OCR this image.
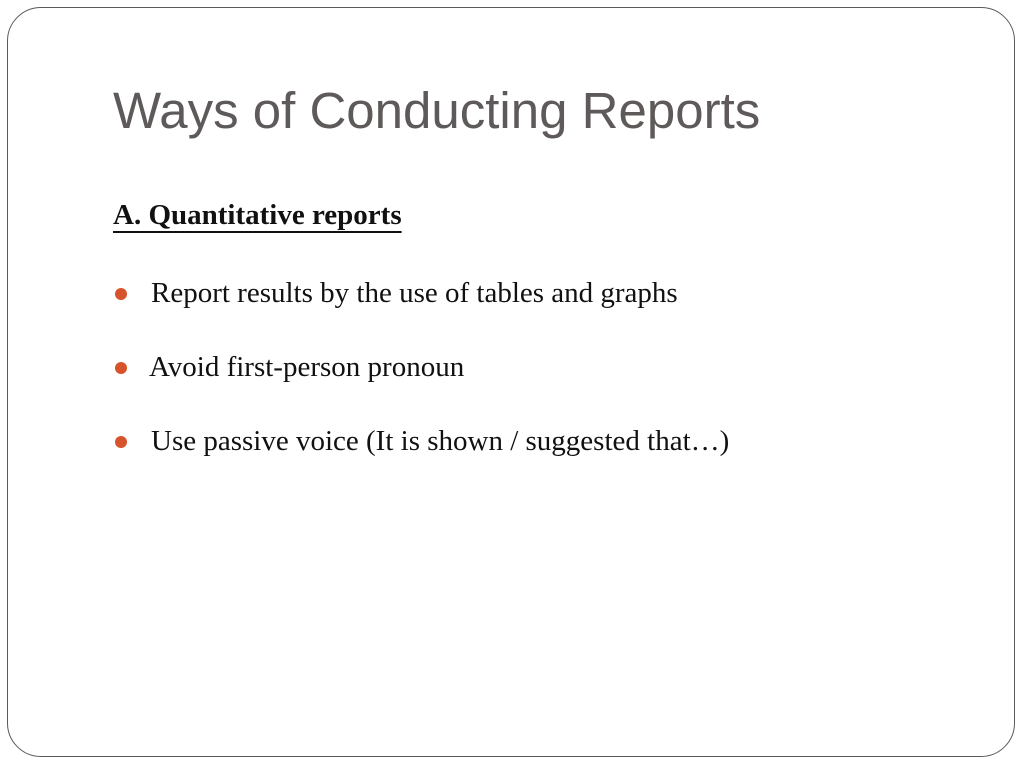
Ways of Conducting Reports
A. Quantitative reports
Report results by the use of tables and graphs
Avoid first-person pronoun
Use passive voice (It is shown / suggested that…)
